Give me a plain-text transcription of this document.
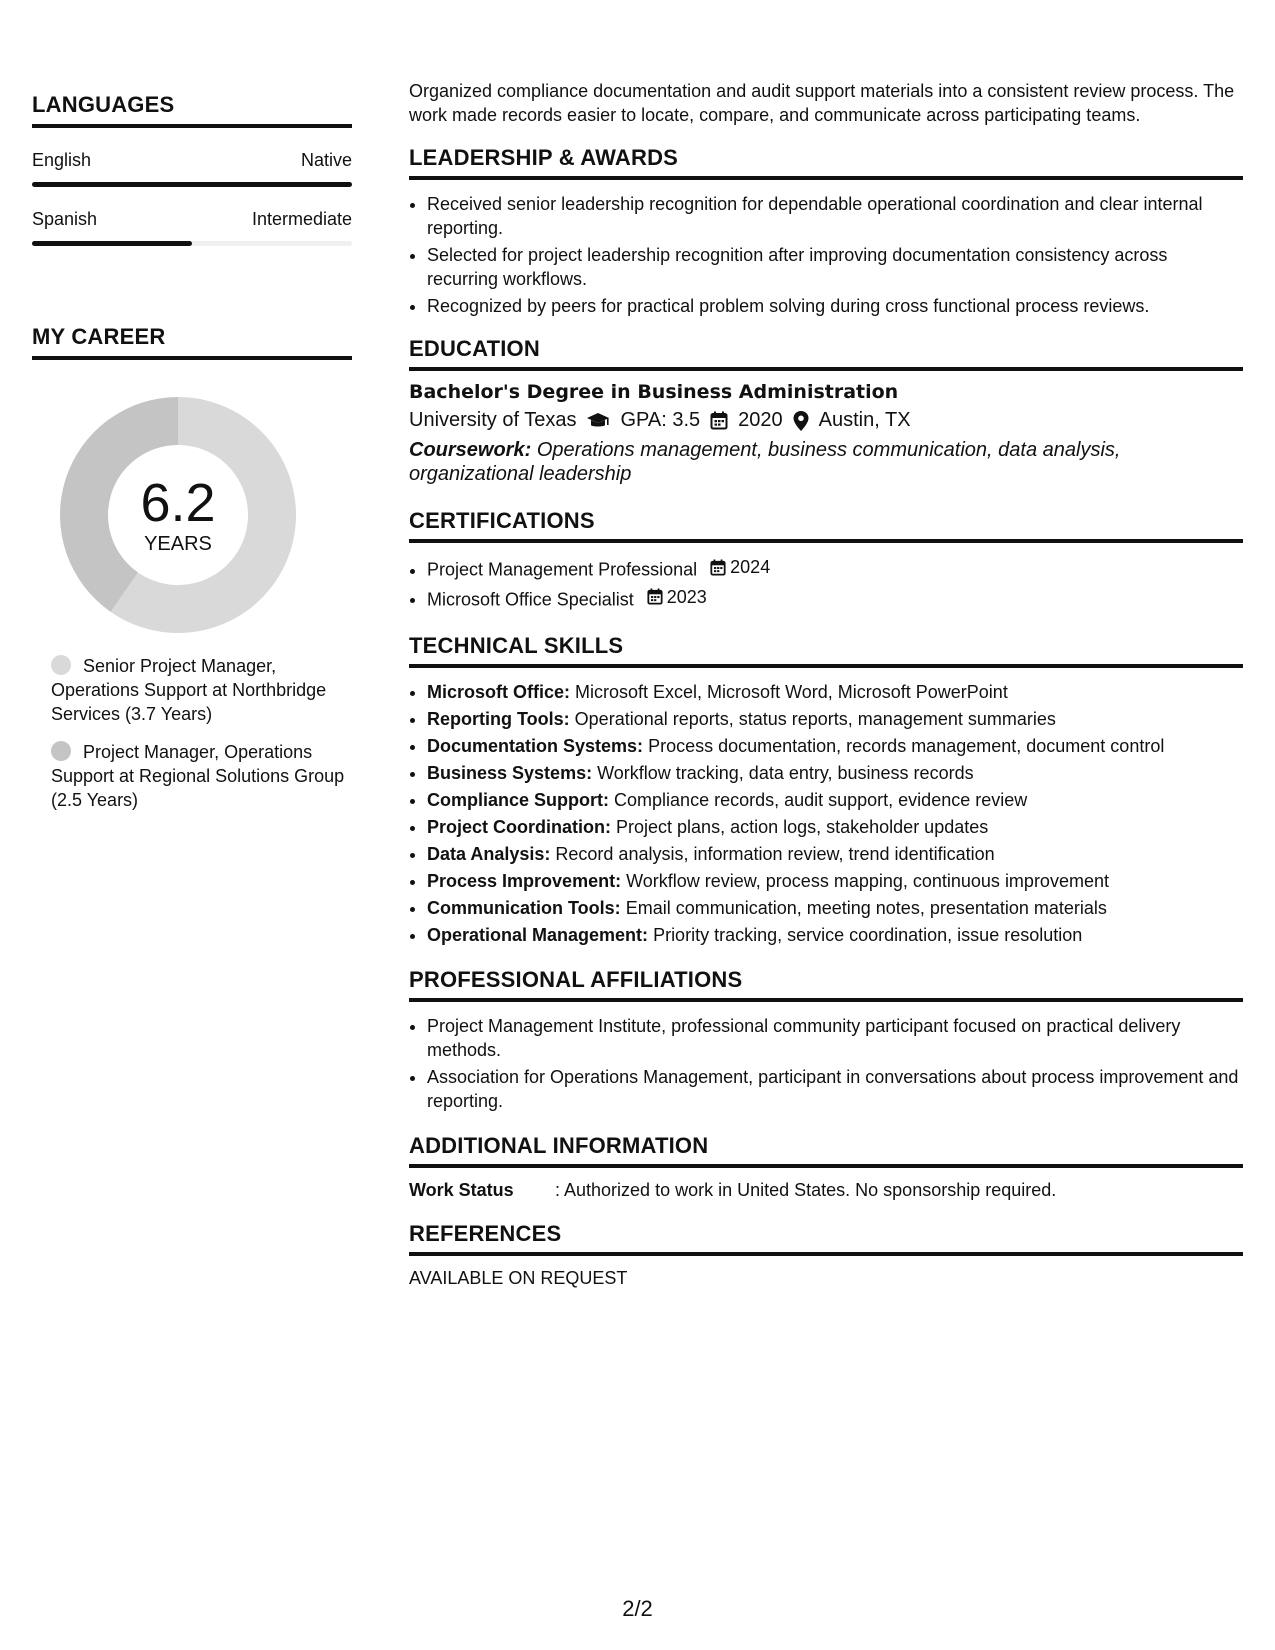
LANGUAGES
English	Native
Spanish	Intermediate
MY CAREER
6.2
YEARS
Senior Project Manager, Operations Support at Northbridge Services (3.7 Years)
Project Manager, Operations Support at Regional Solutions Group (2.5 Years)

Organized compliance documentation and audit support materials into a consistent review process. The work made records easier to locate, compare, and communicate across participating teams.

LEADERSHIP & AWARDS
• Received senior leadership recognition for dependable operational coordination and clear internal reporting.
• Selected for project leadership recognition after improving documentation consistency across recurring workflows.
• Recognized by peers for practical problem solving during cross functional process reviews.
EDUCATION
Bachelor's Degree in Business Administration
University of Texas GPA: 3.5 2020 Austin, TX
Coursework: Operations management, business communication, data analysis, organizational leadership
CERTIFICATIONS
• Project Management Professional 2024
• Microsoft Office Specialist 2023
TECHNICAL SKILLS
• Microsoft Office: Microsoft Excel, Microsoft Word, Microsoft PowerPoint
• Reporting Tools: Operational reports, status reports, management summaries
• Documentation Systems: Process documentation, records management, document control
• Business Systems: Workflow tracking, data entry, business records
• Compliance Support: Compliance records, audit support, evidence review
• Project Coordination: Project plans, action logs, stakeholder updates
• Data Analysis: Record analysis, information review, trend identification
• Process Improvement: Workflow review, process mapping, continuous improvement
• Communication Tools: Email communication, meeting notes, presentation materials
• Operational Management: Priority tracking, service coordination, issue resolution
PROFESSIONAL AFFILIATIONS
• Project Management Institute, professional community participant focused on practical delivery methods.
• Association for Operations Management, participant in conversations about process improvement and reporting.
ADDITIONAL INFORMATION
Work Status	: Authorized to work in United States. No sponsorship required.
REFERENCES
AVAILABLE ON REQUEST
2/2
